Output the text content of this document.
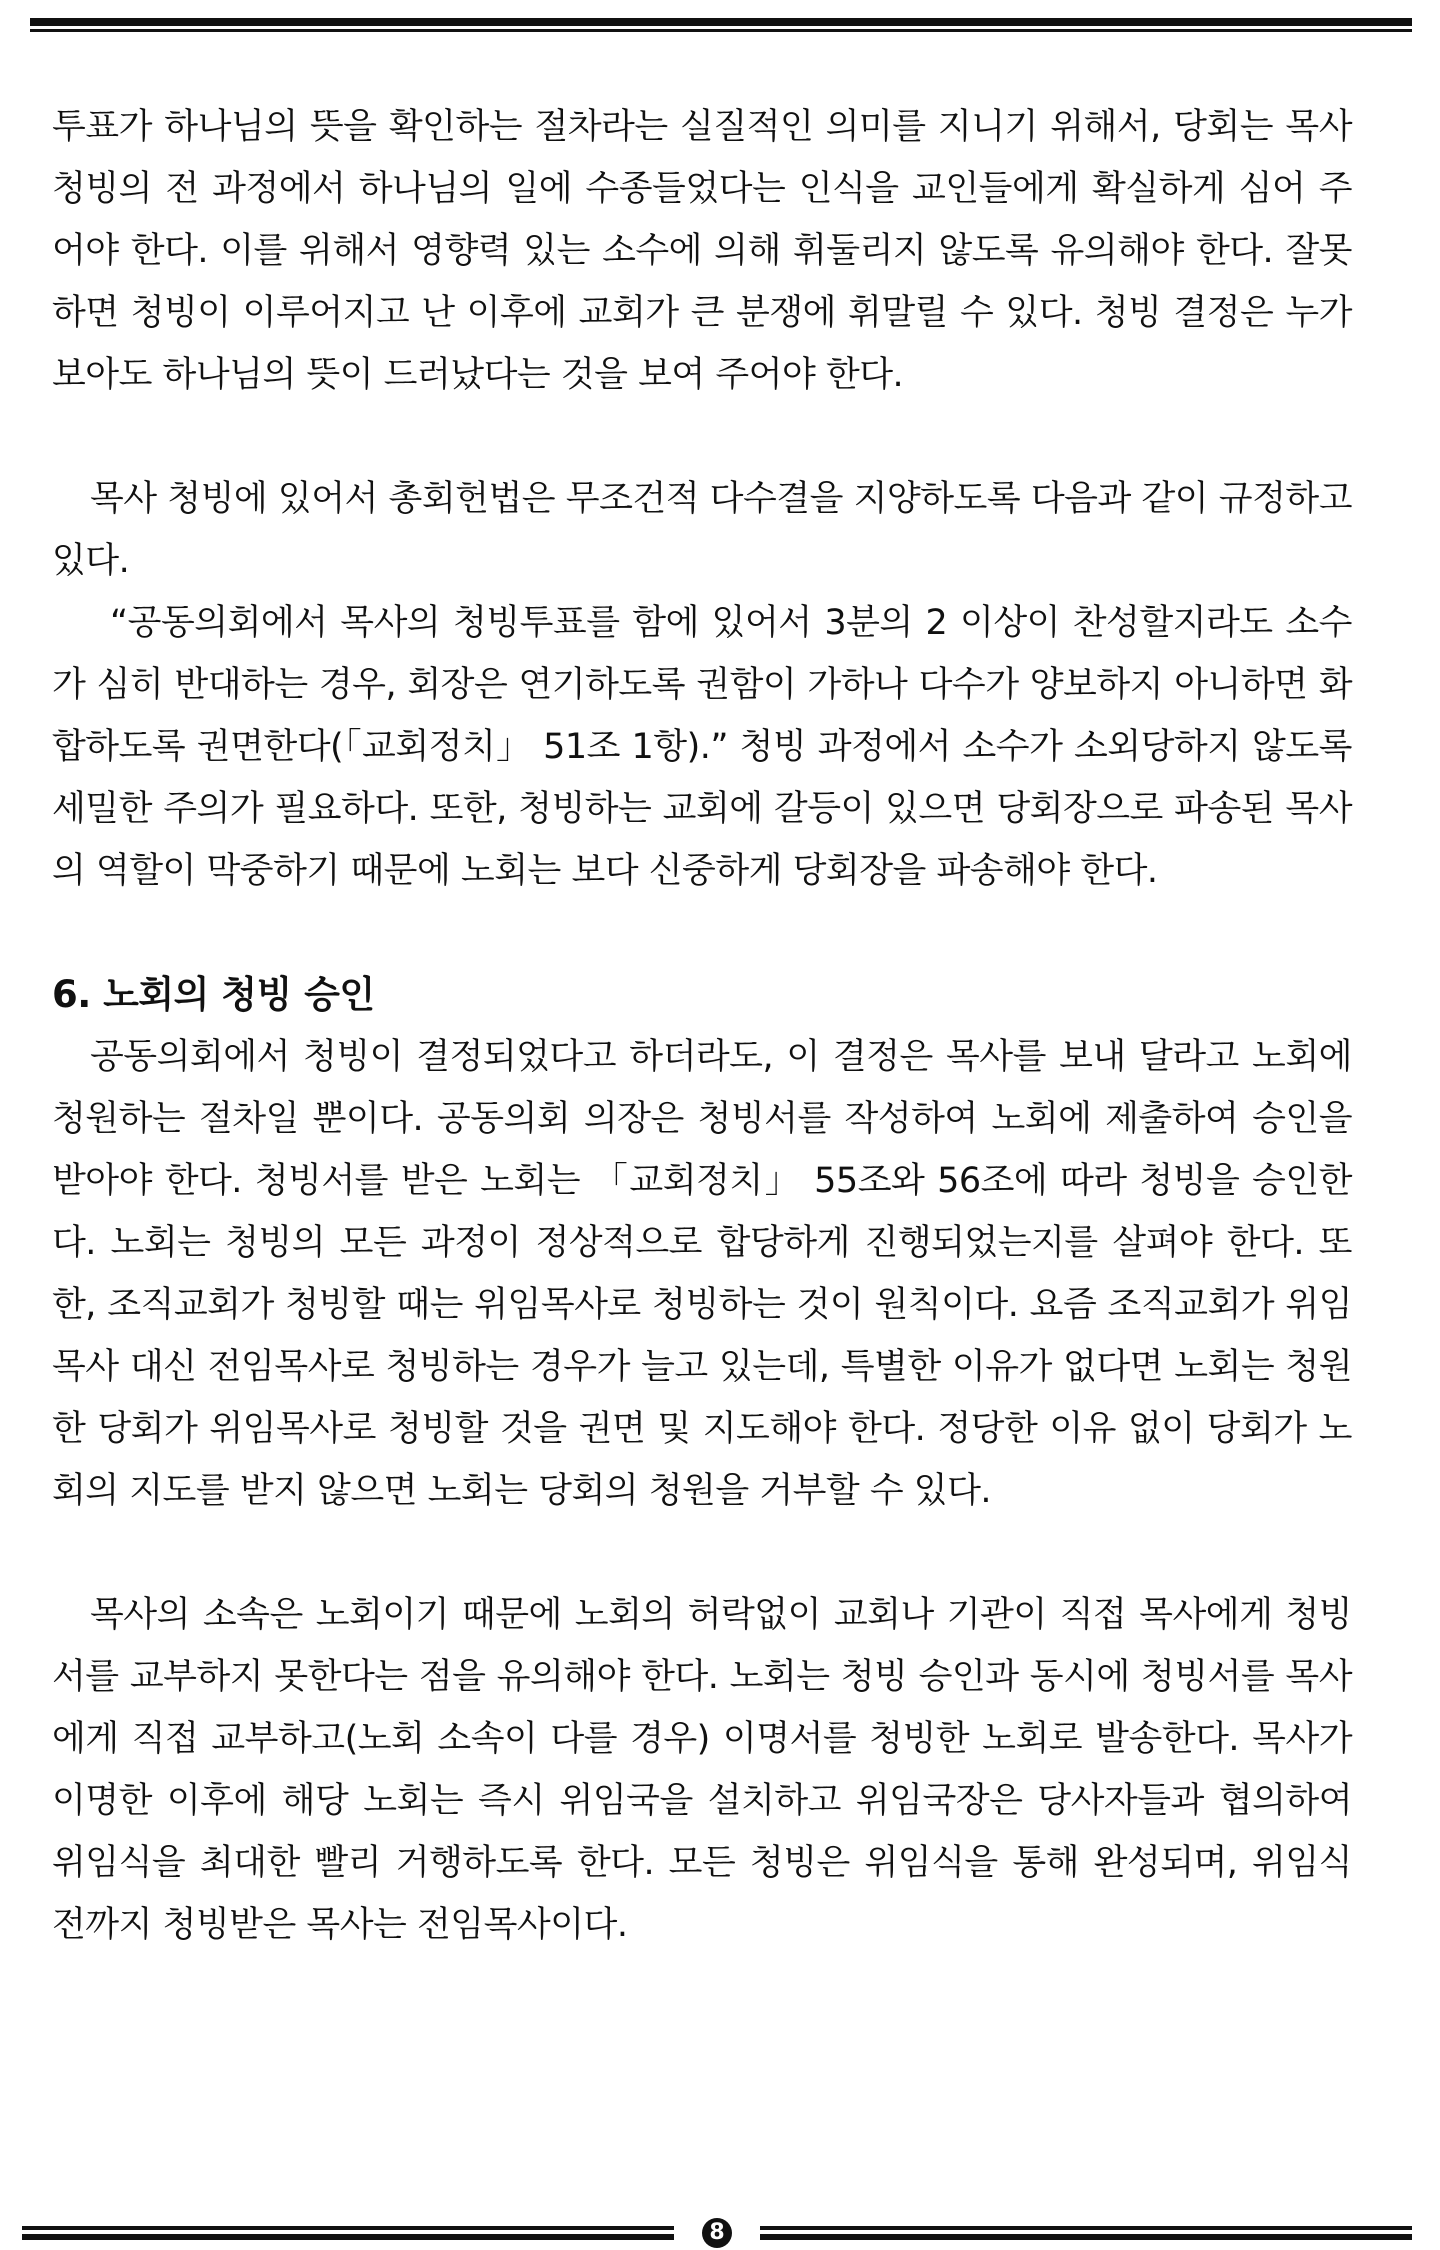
투표가 하나님의 뜻을 확인하는 절차라는 실질적인 의미를 지니기 위해서, 당회는 목사 청빙의 전 과정에서 하나님의 일에 수종들었다는 인식을 교인들에게 확실하게 심어 주어야 한다. 이를 위해서 영향력 있는 소수에 의해 휘둘리지 않도록 유의해야 한다. 잘못하면 청빙이 이루어지고 난 이후에 교회가 큰 분쟁에 휘말릴 수 있다. 청빙 결정은 누가 보아도 하나님의 뜻이 드러났다는 것을 보여 주어야 한다.

목사 청빙에 있어서 총회헌법은 무조건적 다수결을 지양하도록 다음과 같이 규정하고 있다.

“공동의회에서 목사의 청빙투표를 함에 있어서 3분의 2 이상이 찬성할지라도 소수가 심히 반대하는 경우, 회장은 연기하도록 권함이 가하나 다수가 양보하지 아니하면 화합하도록 권면한다(「교회정치」 51조 1항).” 청빙 과정에서 소수가 소외당하지 않도록 세밀한 주의가 필요하다. 또한, 청빙하는 교회에 갈등이 있으면 당회장으로 파송된 목사의 역할이 막중하기 때문에 노회는 보다 신중하게 당회장을 파송해야 한다.

6. 노회의 청빙 승인

공동의회에서 청빙이 결정되었다고 하더라도, 이 결정은 목사를 보내 달라고 노회에 청원하는 절차일 뿐이다. 공동의회 의장은 청빙서를 작성하여 노회에 제출하여 승인을 받아야 한다. 청빙서를 받은 노회는 「교회정치」 55조와 56조에 따라 청빙을 승인한다. 노회는 청빙의 모든 과정이 정상적으로 합당하게 진행되었는지를 살펴야 한다. 또한, 조직교회가 청빙할 때는 위임목사로 청빙하는 것이 원칙이다. 요즘 조직교회가 위임목사 대신 전임목사로 청빙하는 경우가 늘고 있는데, 특별한 이유가 없다면 노회는 청원한 당회가 위임목사로 청빙할 것을 권면 및 지도해야 한다. 정당한 이유 없이 당회가 노회의 지도를 받지 않으면 노회는 당회의 청원을 거부할 수 있다.

목사의 소속은 노회이기 때문에 노회의 허락없이 교회나 기관이 직접 목사에게 청빙서를 교부하지 못한다는 점을 유의해야 한다. 노회는 청빙 승인과 동시에 청빙서를 목사에게 직접 교부하고(노회 소속이 다를 경우) 이명서를 청빙한 노회로 발송한다. 목사가 이명한 이후에 해당 노회는 즉시 위임국을 설치하고 위임국장은 당사자들과 협의하여 위임식을 최대한 빨리 거행하도록 한다. 모든 청빙은 위임식을 통해 완성되며, 위임식 전까지 청빙받은 목사는 전임목사이다.

8
